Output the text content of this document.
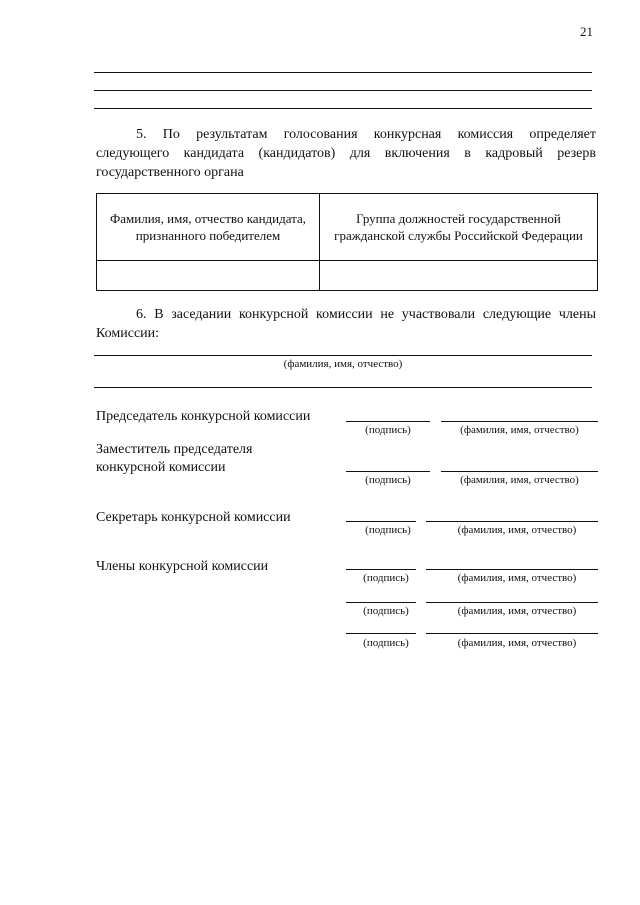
21
5. По результатам голосования конкурсная комиссия определяет следующего кандидата (кандидатов) для включения в кадровый резерв государственного органа
Фамилия, имя, отчество кандидата, признанного победителем	Группа должностей государственной гражданской службы Российской Федерации

6. В заседании конкурсной комиссии не участвовали следующие члены Комиссии:
(фамилия, имя, отчество)
Председатель конкурсной комиссии
(подпись)	(фамилия, имя, отчество)
Заместитель председателя
конкурсной комиссии
(подпись)	(фамилия, имя, отчество)
Секретарь конкурсной комиссии
(подпись)	(фамилия, имя, отчество)
Члены конкурсной комиссии
(подпись)	(фамилия, имя, отчество)
(подпись)	(фамилия, имя, отчество)
(подпись)	(фамилия, имя, отчество)
